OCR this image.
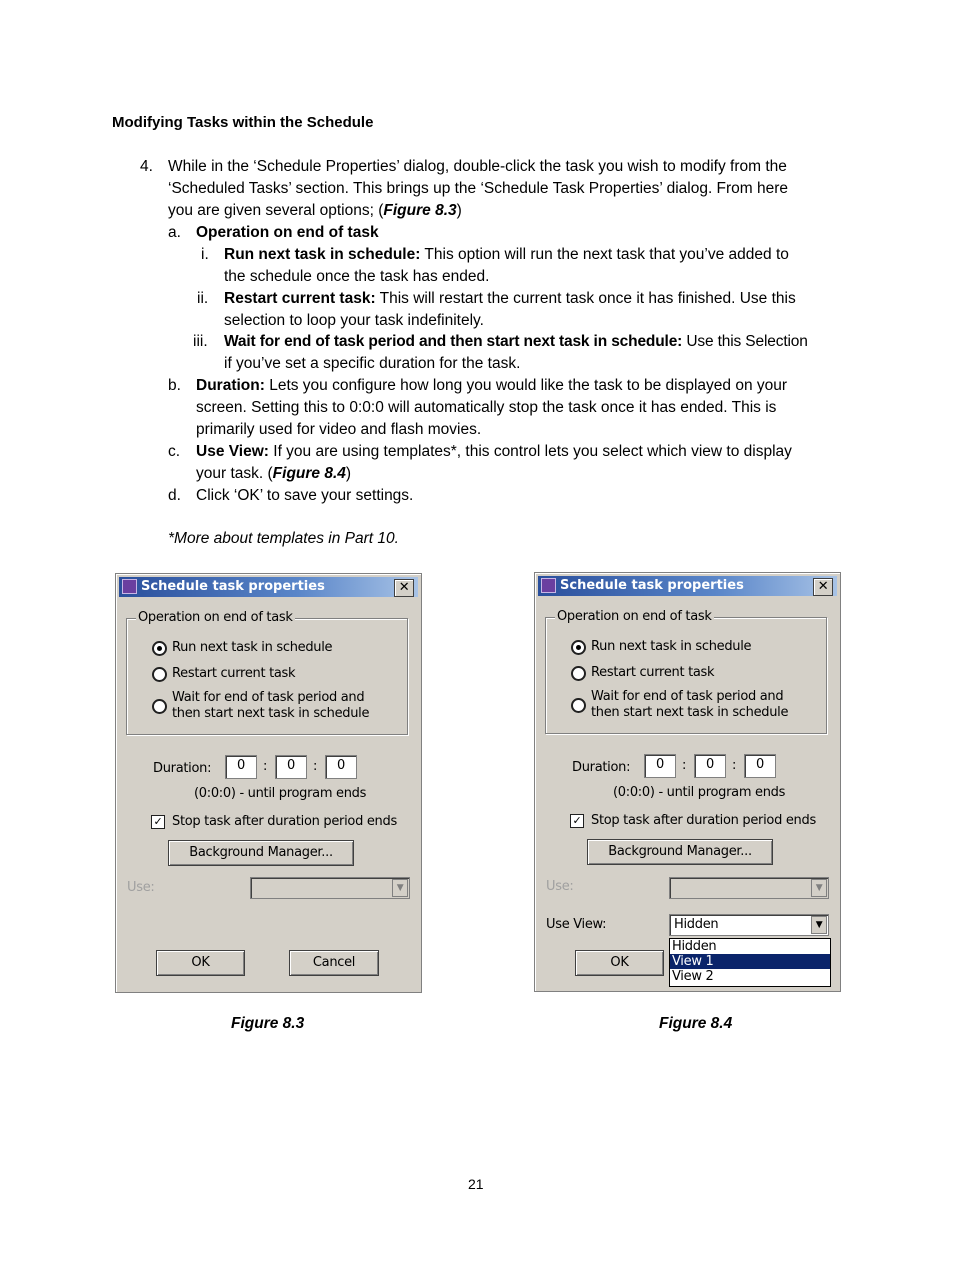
Modifying Tasks within the Schedule
4. While in the ‘Schedule Properties’ dialog, double-click the task you wish to modify from the
‘Scheduled Tasks’ section. This brings up the ‘Schedule Task Properties’ dialog. From here
you are given several options; (Figure 8.3)
a. Operation on end of task
i. Run next task in schedule: This option will run the next task that you’ve added to
the schedule once the task has ended.
ii. Restart current task: This will restart the current task once it has finished. Use this
selection to loop your task indefinitely.
iii. Wait for end of task period and then start next task in schedule: Use this Selection
if you’ve set a specific duration for the task.
b. Duration: Lets you configure how long you would like the task to be displayed on your
screen. Setting this to 0:0:0 will automatically stop the task once it has ended. This is
primarily used for video and flash movies.
c. Use View: If you are using templates*, this control lets you select which view to display
your task. (Figure 8.4)
d. Click ‘OK’ to save your settings.
*More about templates in Part 10.
Schedule task properties	✕
Operation on end of task
Run next task in schedule
Restart current task
Wait for end of task period and
then start next task in schedule
Duration:	0	:	0	:	0
(0:0:0) - until program ends
✓ Stop task after duration period ends
Background Manager...
Use:	▼
OK	Cancel
Schedule task properties	✕
Operation on end of task
Run next task in schedule
Restart current task
Wait for end of task period and
then start next task in schedule
Duration:	0	:	0	:	0
(0:0:0) - until program ends
✓ Stop task after duration period ends
Background Manager...
Use:	▼
Use View:	Hidden	▼
Hidden
View 1
View 2
OK
Figure 8.3	Figure 8.4
21
